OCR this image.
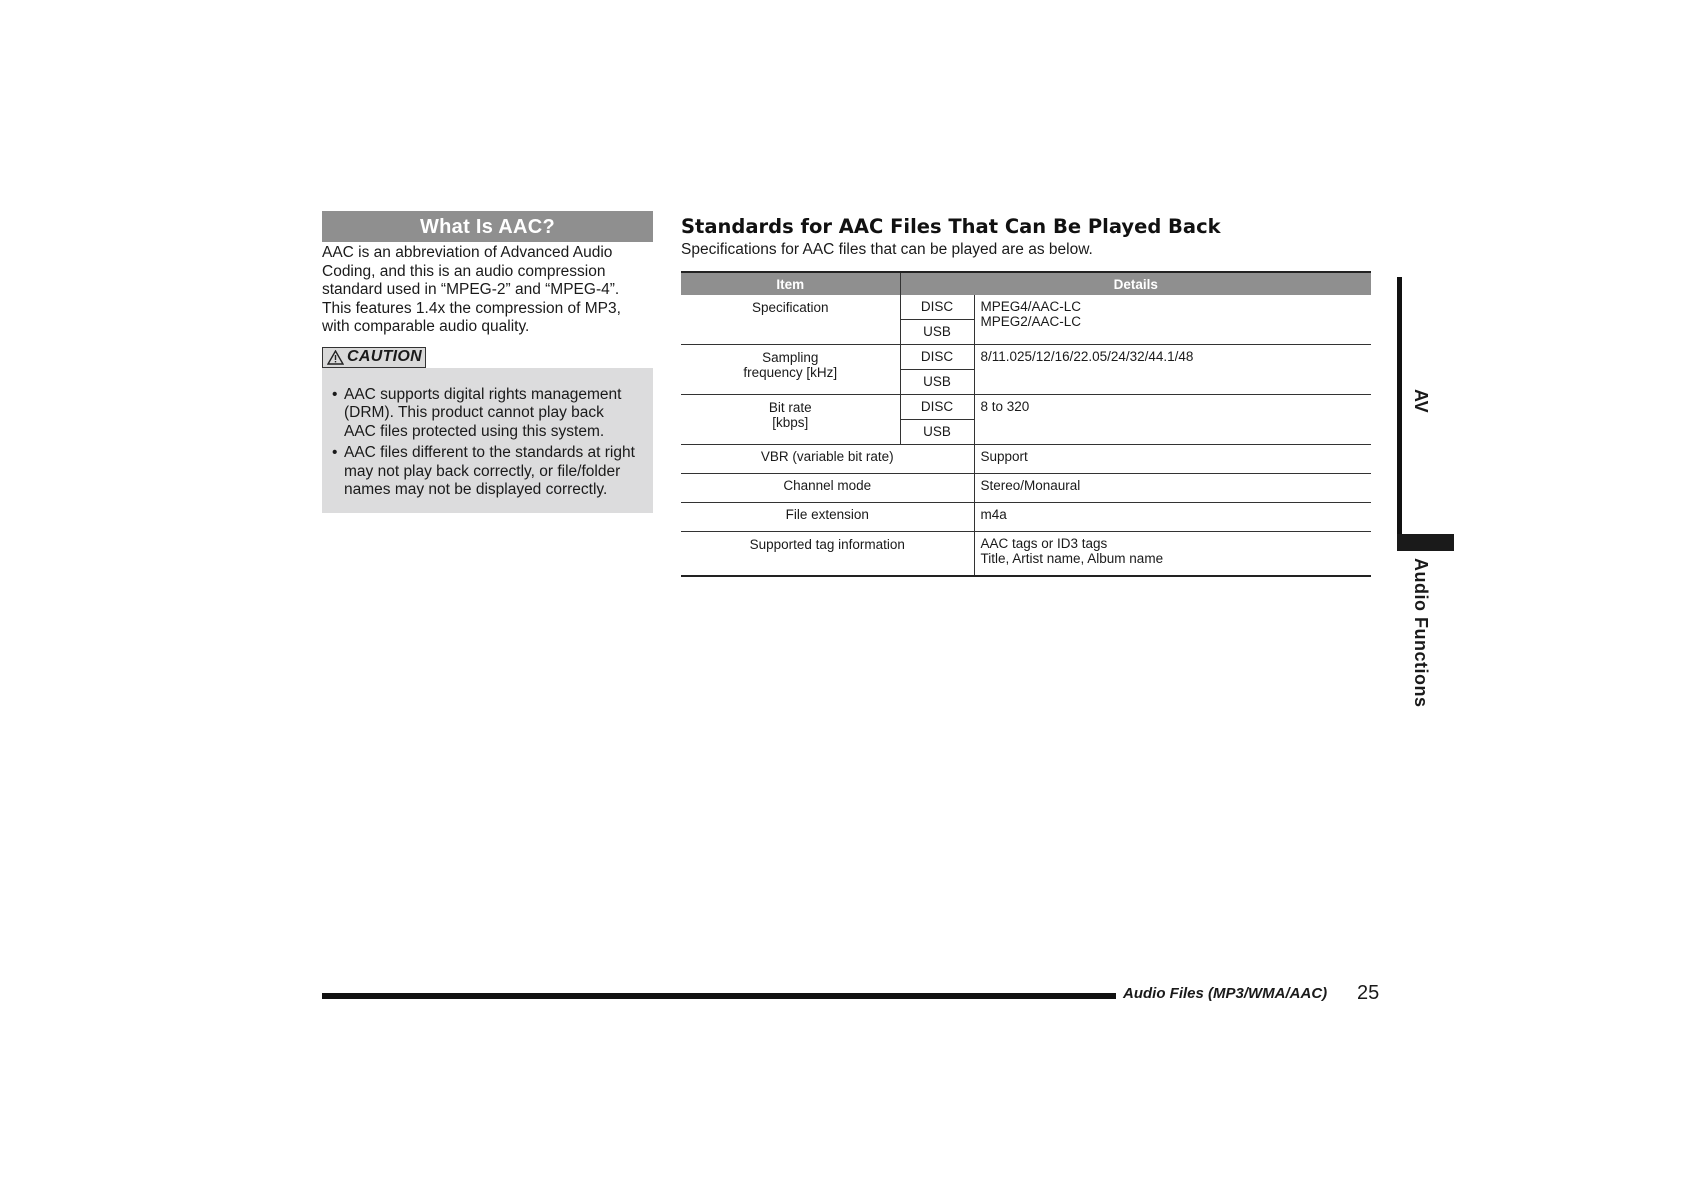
What Is AAC?

AAC is an abbreviation of Advanced Audio Coding, and this is an audio compression standard used in “MPEG-2” and “MPEG-4”. This features 1.4x the compression of MP3, with comparable audio quality.

CAUTION
• AAC supports digital rights management (DRM). This product cannot play back AAC files protected using this system.
• AAC files different to the standards at right may not play back correctly, or file/folder names may not be displayed correctly.
Standards for AAC Files That Can Be Played Back

Specifications for AAC files that can be played are as below.

Item	Details	
Specification	DISC	MPEG4/AAC-LC
MPEG2/AAC-LC

	USB	

Sampling
frequency [kHz]	DISC	8/11.025/12/16/22.05/24/32/44.1/48
	USB	

Bit rate
[kbps]	DISC	8 to 320
	USB	
VBR (variable bit rate)		Support
Channel mode		Stereo/Monaural
File extension		m4a
Supported tag information		AAC tags or ID3 tags
Title, Artist name, Album name
AV
Audio Functions
Audio Files (MP3/WMA/AAC) 25
